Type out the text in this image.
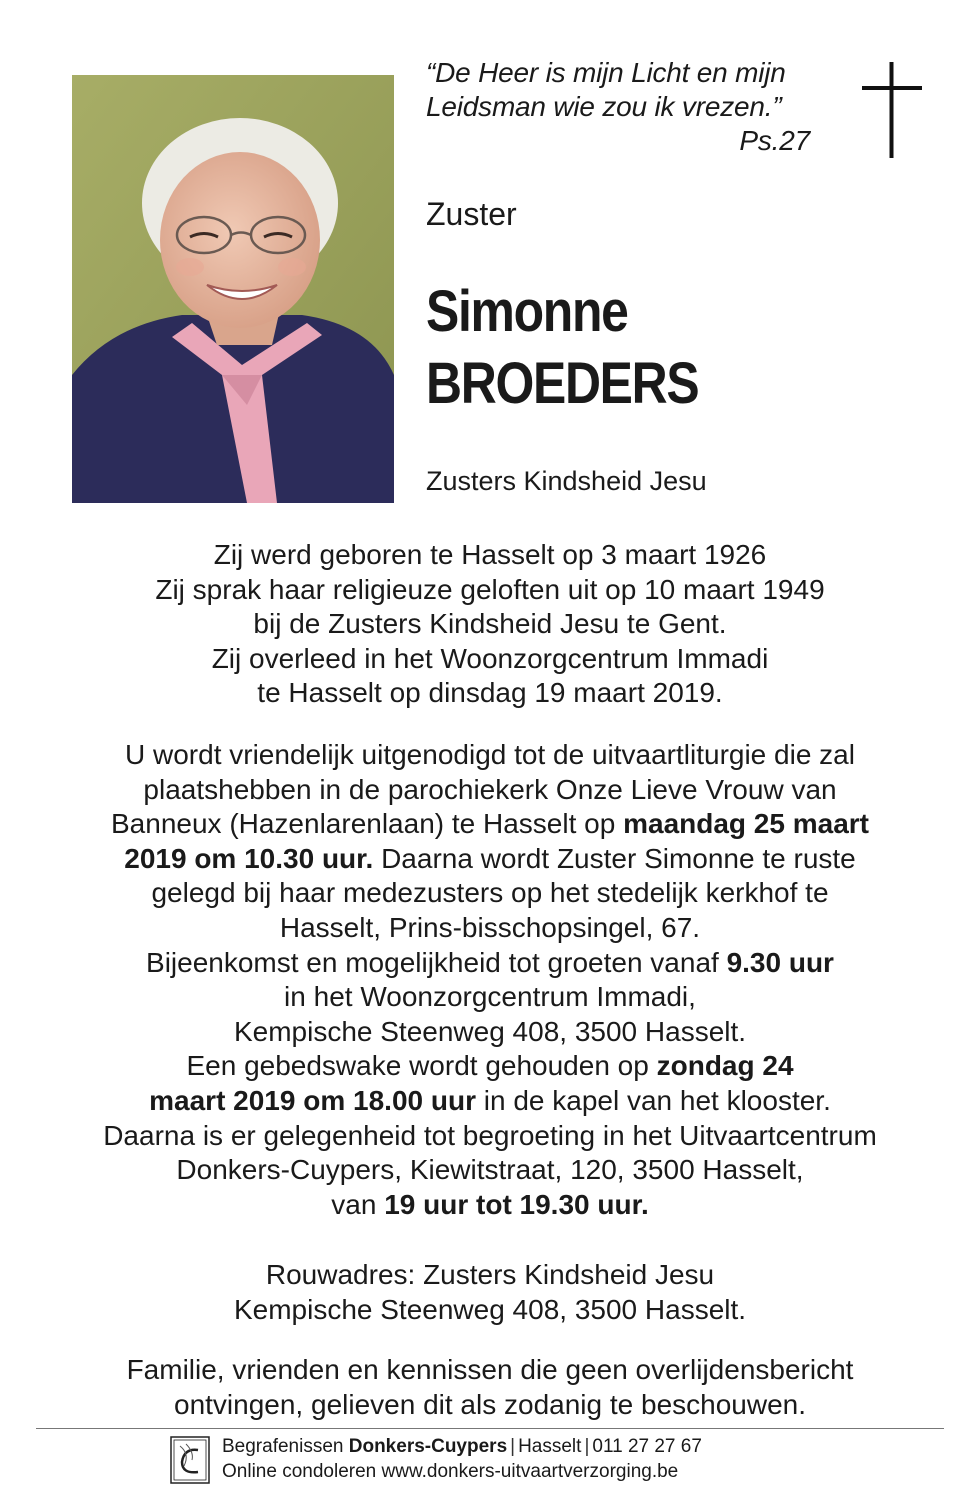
“De Heer is mijn Licht en mijn
Leidsman wie zou ik vrezen.”
Ps.27
Zuster
Simonne
BROEDERS
Zusters Kindsheid Jesu
Zij werd geboren te Hasselt op 3 maart 1926
Zij sprak haar religieuze geloften uit op 10 maart 1949
bij de Zusters Kindsheid Jesu te Gent.
Zij overleed in het Woonzorgcentrum Immadi
te Hasselt op dinsdag 19 maart 2019.
U wordt vriendelijk uitgenodigd tot de uitvaartliturgie die zal
plaatshebben in de parochiekerk Onze Lieve Vrouw van
Banneux (Hazenlarenlaan) te Hasselt op maandag 25 maart
2019 om 10.30 uur. Daarna wordt Zuster Simonne te ruste
gelegd bij haar medezusters op het stedelijk kerkhof te
Hasselt, Prins-bisschopsingel, 67.
Bijeenkomst en mogelijkheid tot groeten vanaf 9.30 uur
in het Woonzorgcentrum Immadi,
Kempische Steenweg 408, 3500 Hasselt.
Een gebedswake wordt gehouden op zondag 24
maart 2019 om 18.00 uur in de kapel van het klooster.
Daarna is er gelegenheid tot begroeting in het Uitvaartcentrum
Donkers-Cuypers, Kiewitstraat, 120, 3500 Hasselt,
van 19 uur tot 19.30 uur.
Rouwadres: Zusters Kindsheid Jesu
Kempische Steenweg 408, 3500 Hasselt.
Familie, vrienden en kennissen die geen overlijdensbericht
ontvingen, gelieven dit als zodanig te beschouwen.
Begrafenissen Donkers-Cuypers | Hasselt | 011 27 27 67
Online condoleren www.donkers-uitvaartverzorging.be
